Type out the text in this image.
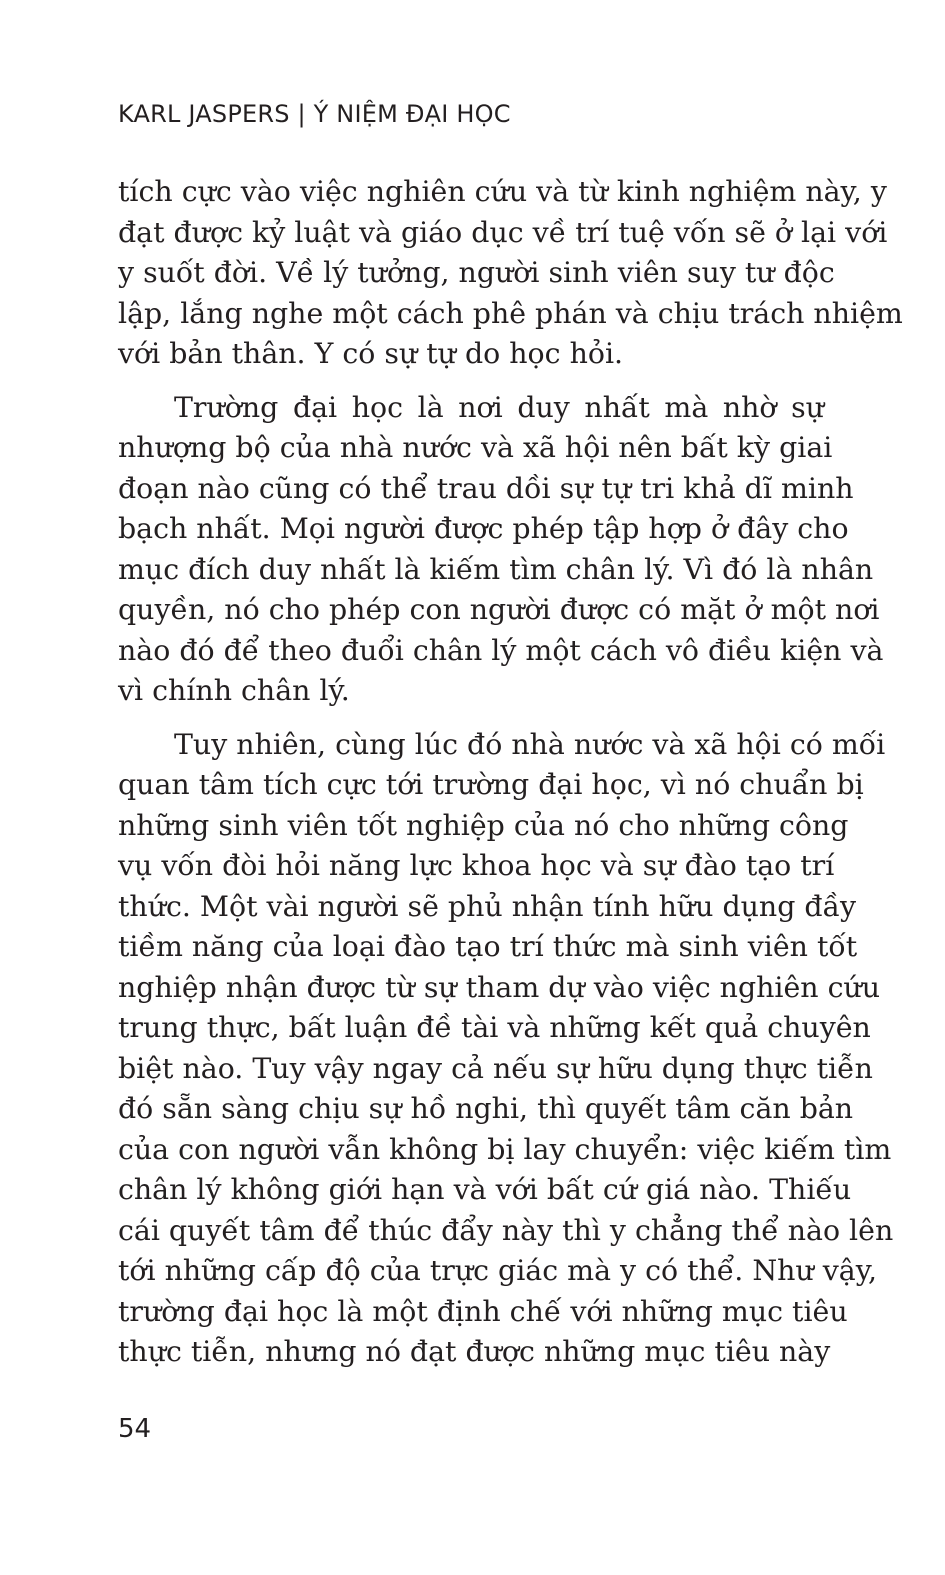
KARL JASPERS | Ý NIỆM ĐẠI HỌC

tích cực vào việc nghiên cứu và từ kinh nghiệm này, y
đạt được kỷ luật và giáo dục về trí tuệ vốn sẽ ở lại với
y suốt đời. Về lý tưởng, người sinh viên suy tư độc
lập, lắng nghe một cách phê phán và chịu trách nhiệm
với bản thân. Y có sự tự do học hỏi.

Trường đại học là nơi duy nhất mà nhờ sự
nhượng bộ của nhà nước và xã hội nên bất kỳ giai
đoạn nào cũng có thể trau dồi sự tự tri khả dĩ minh
bạch nhất. Mọi người được phép tập hợp ở đây cho
mục đích duy nhất là kiếm tìm chân lý. Vì đó là nhân
quyền, nó cho phép con người được có mặt ở một nơi
nào đó để theo đuổi chân lý một cách vô điều kiện và
vì chính chân lý.

Tuy nhiên, cùng lúc đó nhà nước và xã hội có mối
quan tâm tích cực tới trường đại học, vì nó chuẩn bị
những sinh viên tốt nghiệp của nó cho những công
vụ vốn đòi hỏi năng lực khoa học và sự đào tạo trí
thức. Một vài người sẽ phủ nhận tính hữu dụng đầy
tiềm năng của loại đào tạo trí thức mà sinh viên tốt
nghiệp nhận được từ sự tham dự vào việc nghiên cứu
trung thực, bất luận đề tài và những kết quả chuyên
biệt nào. Tuy vậy ngay cả nếu sự hữu dụng thực tiễn
đó sẵn sàng chịu sự hồ nghi, thì quyết tâm căn bản
của con người vẫn không bị lay chuyển: việc kiếm tìm
chân lý không giới hạn và với bất cứ giá nào. Thiếu
cái quyết tâm để thúc đẩy này thì y chẳng thể nào lên
tới những cấp độ của trực giác mà y có thể. Như vậy,
trường đại học là một định chế với những mục tiêu
thực tiễn, nhưng nó đạt được những mục tiêu này

54
